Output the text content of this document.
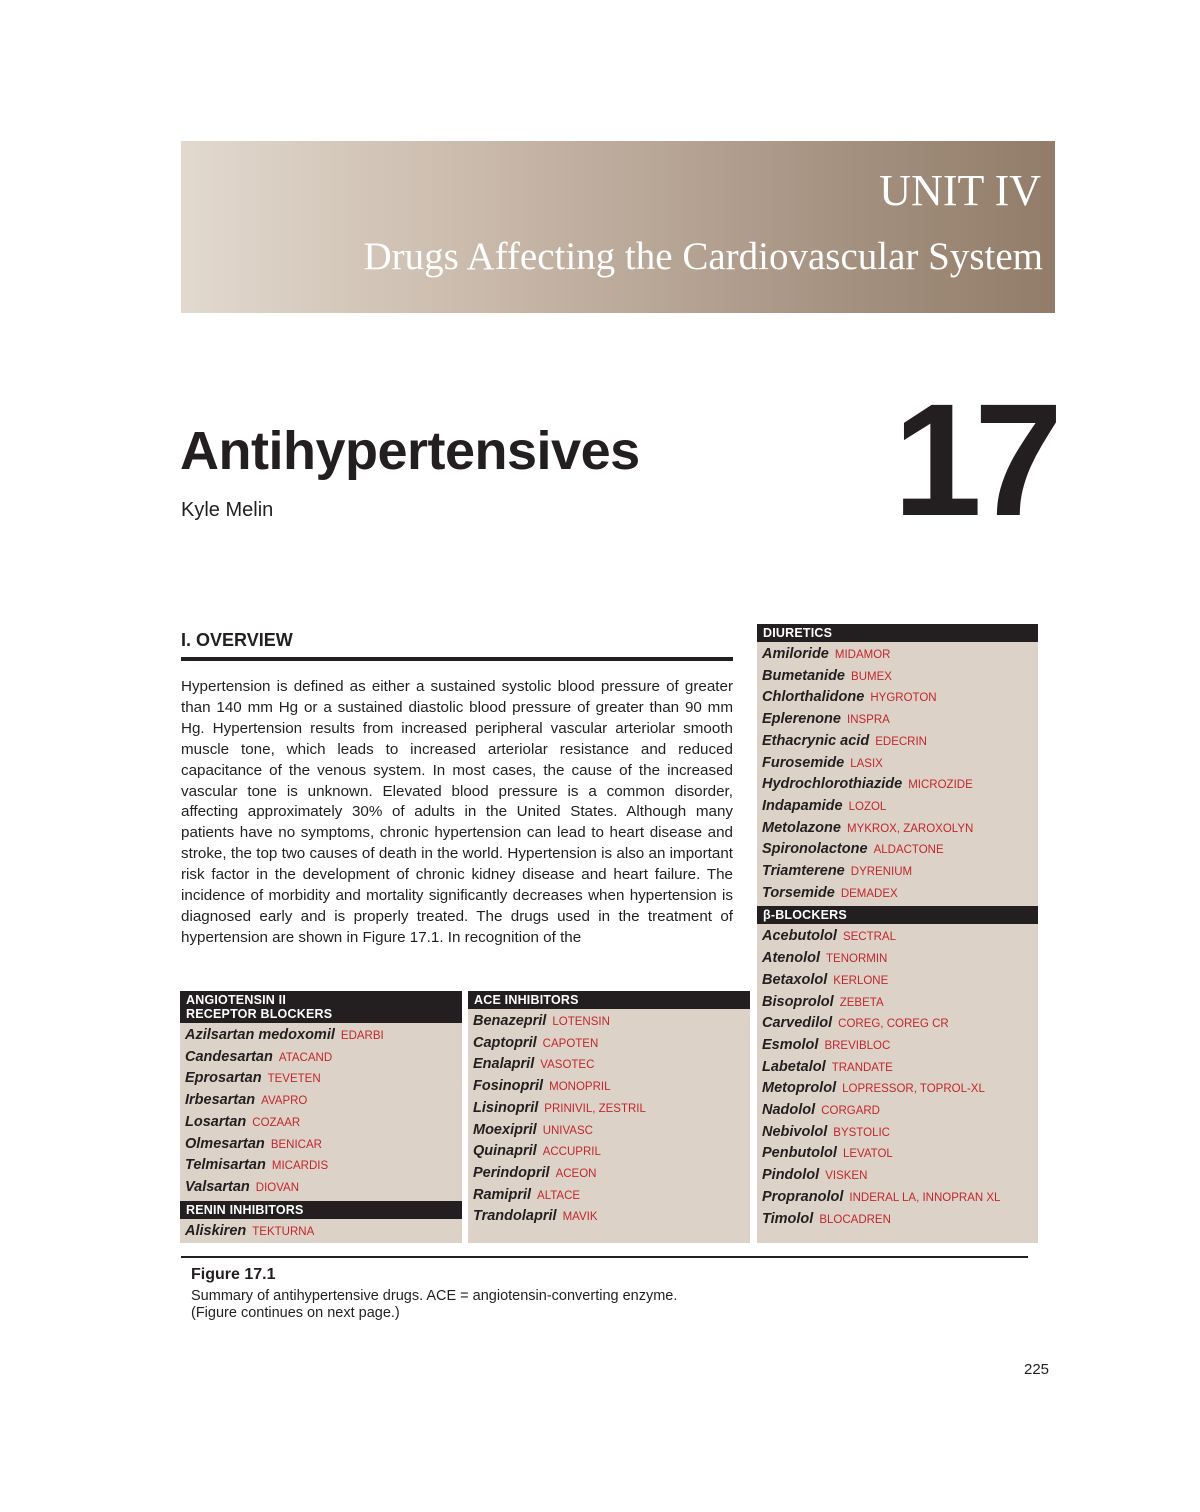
UNIT IV
Drugs Affecting the Cardiovascular System
Antihypertensives
Kyle Melin	17
I. OVERVIEW
Hypertension is defined as either a sustained systolic blood pressure of greater than 140 mm Hg or a sustained diastolic blood pressure of greater than 90 mm Hg. Hypertension results from increased peripheral vascular arteriolar smooth muscle tone, which leads to increased arteriolar resistance and reduced capacitance of the venous system. In most cases, the cause of the increased vascular tone is unknown. Elevated blood pressure is a common disorder, affecting approximately 30% of adults in the United States. Although many patients have no symptoms, chronic hypertension can lead to heart disease and stroke, the top two causes of death in the world. Hypertension is also an important risk factor in the development of chronic kidney disease and heart failure. The incidence of morbidity and mortality significantly decreases when hypertension is diagnosed early and is properly treated. The drugs used in the treatment of hypertension are shown in Figure 17.1. In recognition of the
ANGIOTENSIN II
RECEPTOR BLOCKERS
Azilsartan medoxomil EDARBI
Candesartan ATACAND
Eprosartan TEVETEN
Irbesartan AVAPRO
Losartan COZAAR
Olmesartan BENICAR
Telmisartan MICARDIS
Valsartan DIOVAN
RENIN INHIBITORS
Aliskiren TEKTURNA
ACE INHIBITORS
Benazepril LOTENSIN
Captopril CAPOTEN
Enalapril VASOTEC
Fosinopril MONOPRIL
Lisinopril PRINIVIL, ZESTRIL
Moexipril UNIVASC
Quinapril ACCUPRIL
Perindopril ACEON
Ramipril ALTACE
Trandolapril MAVIK
DIURETICS
Amiloride MIDAMOR
Bumetanide BUMEX
Chlorthalidone HYGROTON
Eplerenone INSPRA
Ethacrynic acid EDECRIN
Furosemide LASIX
Hydrochlorothiazide MICROZIDE
Indapamide LOZOL
Metolazone MYKROX, ZAROXOLYN
Spironolactone ALDACTONE
Triamterene DYRENIUM
Torsemide DEMADEX
β-BLOCKERS
Acebutolol SECTRAL
Atenolol TENORMIN
Betaxolol KERLONE
Bisoprolol ZEBETA
Carvedilol COREG, COREG CR
Esmolol BREVIBLOC
Labetalol TRANDATE
Metoprolol LOPRESSOR, TOPROL-XL
Nadolol CORGARD
Nebivolol BYSTOLIC
Penbutolol LEVATOL
Pindolol VISKEN
Propranolol INDERAL LA, INNOPRAN XL
Timolol BLOCADREN
Figure 17.1
Summary of antihypertensive drugs. ACE = angiotensin-converting enzyme.
(Figure continues on next page.)
225
